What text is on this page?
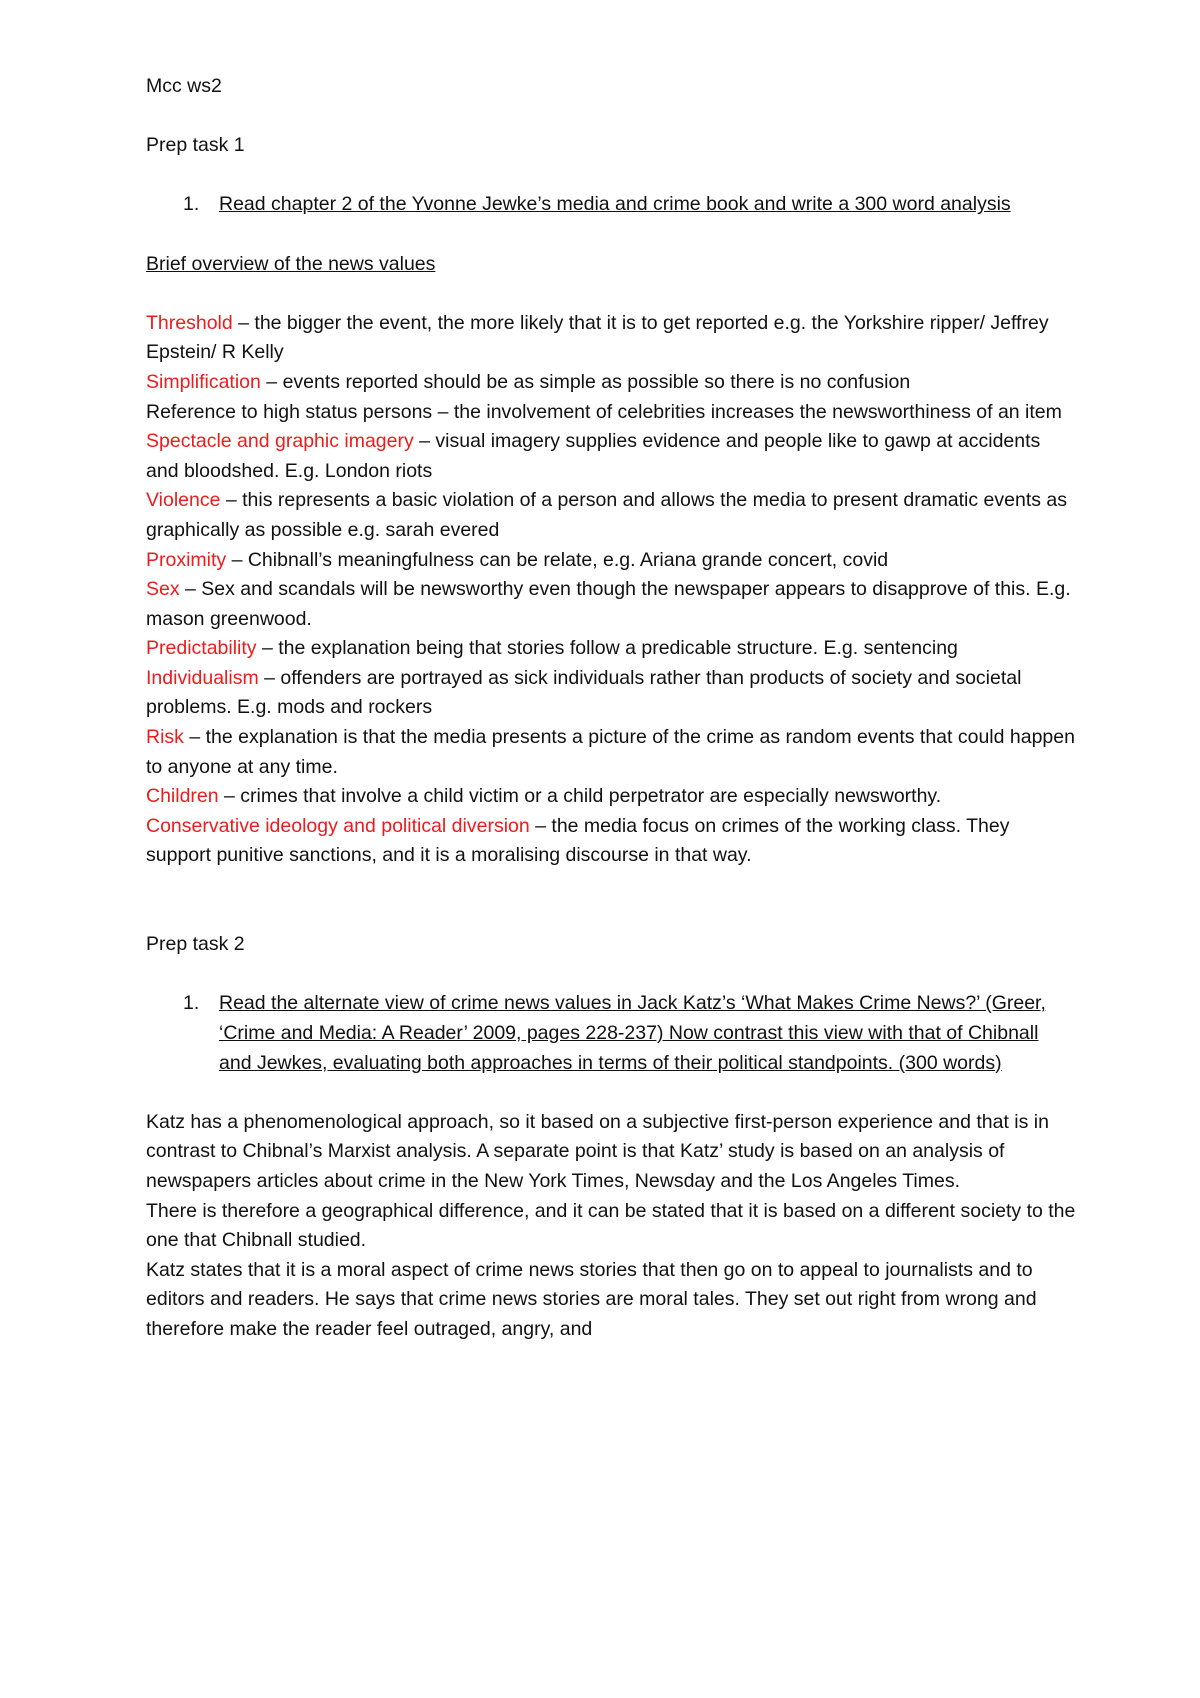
Mcc ws2

Prep task 1

1. Read chapter 2 of the Yvonne Jewke’s media and crime book and write a 300 word analysis

Brief overview of the news values

Threshold – the bigger the event, the more likely that it is to get reported e.g. the Yorkshire ripper/ Jeffrey Epstein/ R Kelly

Simplification – events reported should be as simple as possible so there is no confusion

Reference to high status persons – the involvement of celebrities increases the newsworthiness of an item

Spectacle and graphic imagery – visual imagery supplies evidence and people like to gawp at accidents and bloodshed. E.g. London riots

Violence – this represents a basic violation of a person and allows the media to present dramatic events as graphically as possible e.g. sarah evered

Proximity – Chibnall’s meaningfulness can be relate, e.g. Ariana grande concert, covid

Sex – Sex and scandals will be newsworthy even though the newspaper appears to disapprove of this. E.g. mason greenwood.

Predictability – the explanation being that stories follow a predicable structure. E.g. sentencing

Individualism – offenders are portrayed as sick individuals rather than products of society and societal problems. E.g. mods and rockers

Risk – the explanation is that the media presents a picture of the crime as random events that could happen to anyone at any time.

Children – crimes that involve a child victim or a child perpetrator are especially newsworthy.

Conservative ideology and political diversion – the media focus on crimes of the working class. They support punitive sanctions, and it is a moralising discourse in that way.

Prep task 2

1. Read the alternate view of crime news values in Jack Katz’s ‘What Makes Crime News?’ (Greer, ‘Crime and Media: A Reader’ 2009, pages 228-237) Now contrast this view with that of Chibnall and Jewkes, evaluating both approaches in terms of their political standpoints. (300 words)

Katz has a phenomenological approach, so it based on a subjective first-person experience and that is in contrast to Chibnal’s Marxist analysis. A separate point is that Katz’ study is based on an analysis of newspapers articles about crime in the New York Times, Newsday and the Los Angeles Times.

There is therefore a geographical difference, and it can be stated that it is based on a different society to the one that Chibnall studied.

Katz states that it is a moral aspect of crime news stories that then go on to appeal to journalists and to editors and readers. He says that crime news stories are moral tales. They set out right from wrong and therefore make the reader feel outraged, angry, and
